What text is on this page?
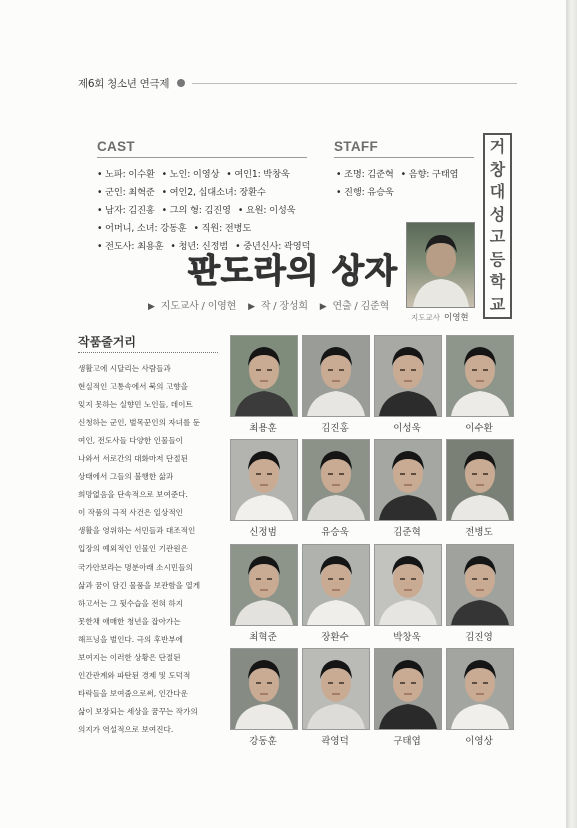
제6회 청소년 연극제
CAST
• 노파: 이수환 • 노인: 이영상 • 여인1: 박창욱
• 군인: 최혁준 • 여인2, 십대소녀: 장환수
• 남자: 김진홍 • 그의 형: 김진영 • 요원: 이성욱
• 어머니, 소녀: 강동훈 • 직원: 전병도
• 전도사: 최용훈 • 청년: 신정범 • 중년신사: 곽영덕
STAFF
• 조명: 김준혁 • 음향: 구태엽
• 진행: 유승욱
거
창
대
성
고
등
학
교
지도교사 이영현
판도라의 상자
▶ 지도교사 / 이영현 ▶ 작 / 장성희 ▶ 연출 / 김준혁
작품줄거리
생활고에 시달리는 사람들과
현실적인 고통속에서 북의 고향을
잊지 못하는 실향민 노인들, 데이트
신청하는 군인, 벌목꾼인의 자녀를 둔
여인, 전도사들 다양한 인물들이
나와서 서로간의 대화마저 단절된
상태에서 그들의 불행한 삶과
희망없음을 단속적으로 보여준다.
이 작품의 극적 사건은 일상적인
생활을 영위하는 서민들과 대조적인
입장의 예외적인 인물인 기관원은
국가안보라는 명분아래 소시민들의
삶과 꿈이 담긴 물품을 보관함을 열게
하고서는 그 뒷수습을 전혀 하지
못한채 애매한 청년을 잡아가는
해프닝을 벌인다. 극의 후반부에
보여지는 이러한 상황은 단절된
인간관계와 파탄된 경제 및 도덕적
타락들을 보여줌으로써, 인간다운
삶이 보장되는 세상을 꿈꾸는 작가의
의지가 역설적으로 보여진다.
최용훈	김진홍	이성욱	이수환
신정범	유승욱	김준혁	전병도
최혁준	장환수	박창욱	김진영
강동훈	곽영덕	구태엽	이영상
